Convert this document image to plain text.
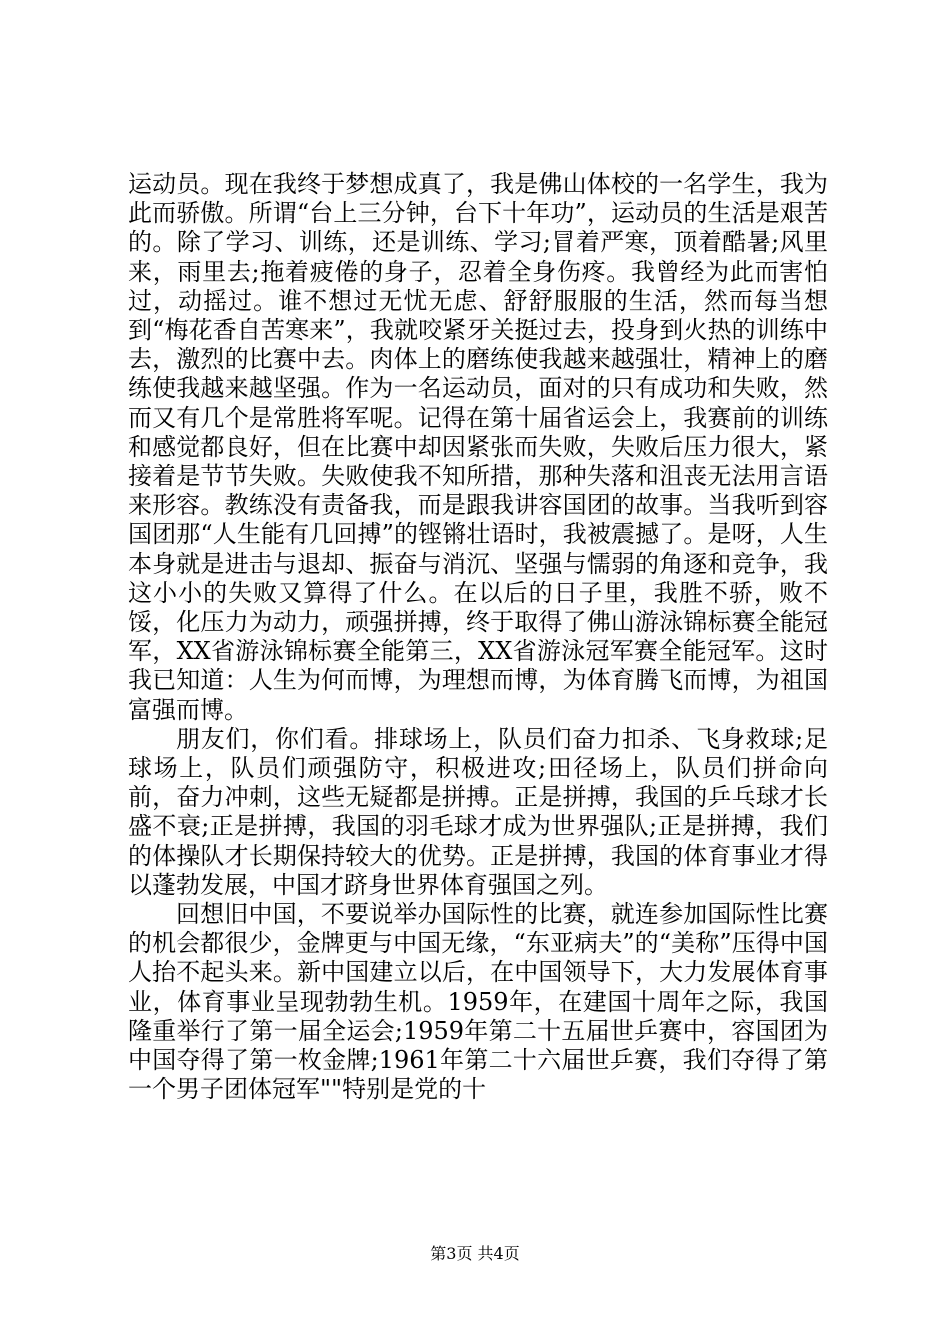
运动员。现在我终于梦想成真了，我是佛山体校的一名学生，我为此而骄傲。所谓“台上三分钟，台下十年功”，运动员的生活是艰苦的。除了学习、训练，还是训练、学习;冒着严寒，顶着酷暑;风里来，雨里去;拖着疲倦的身子，忍着全身伤疼。我曾经为此而害怕过，动摇过。谁不想过无忧无虑、舒舒服服的生活，然而每当想到“梅花香自苦寒来”，我就咬紧牙关挺过去，投身到火热的训练中去，激烈的比赛中去。肉体上的磨练使我越来越强壮，精神上的磨练使我越来越坚强。作为一名运动员，面对的只有成功和失败，然而又有几个是常胜将军呢。记得在第十届省运会上，我赛前的训练和感觉都良好，但在比赛中却因紧张而失败，失败后压力很大，紧接着是节节失败。失败使我不知所措，那种失落和沮丧无法用言语来形容。教练没有责备我，而是跟我讲容国团的故事。当我听到容国团那“人生能有几回搏”的铿锵壮语时，我被震撼了。是呀，人生本身就是进击与退却、振奋与消沉、坚强与懦弱的角逐和竞争，我这小小的失败又算得了什么。在以后的日子里，我胜不骄，败不馁，化压力为动力，顽强拼搏，终于取得了佛山游泳锦标赛全能冠军，XX省游泳锦标赛全能第三，XX省游泳冠军赛全能冠军。这时我已知道：人生为何而博，为理想而博，为体育腾飞而博，为祖国富强而博。

朋友们，你们看。排球场上，队员们奋力扣杀、飞身救球;足球场上，队员们顽强防守，积极进攻;田径场上，队员们拼命向前，奋力冲刺，这些无疑都是拼搏。正是拼搏，我国的乒乓球才长盛不衰;正是拼搏，我国的羽毛球才成为世界强队;正是拼搏，我们的体操队才长期保持较大的优势。正是拼搏，我国的体育事业才得以蓬勃发展，中国才跻身世界体育强国之列。

回想旧中国，不要说举办国际性的比赛，就连参加国际性比赛的机会都很少，金牌更与中国无缘，“东亚病夫”的“美称”压得中国人抬不起头来。新中国建立以后，在中国领导下，大力发展体育事业，体育事业呈现勃勃生机。1959年，在建国十周年之际，我国隆重举行了第一届全运会;1959年第二十五届世乒赛中，容国团为中国夺得了第一枚金牌;1961年第二十六届世乒赛，我们夺得了第一个男子团体冠军""特别是党的十

第3页 共4页
